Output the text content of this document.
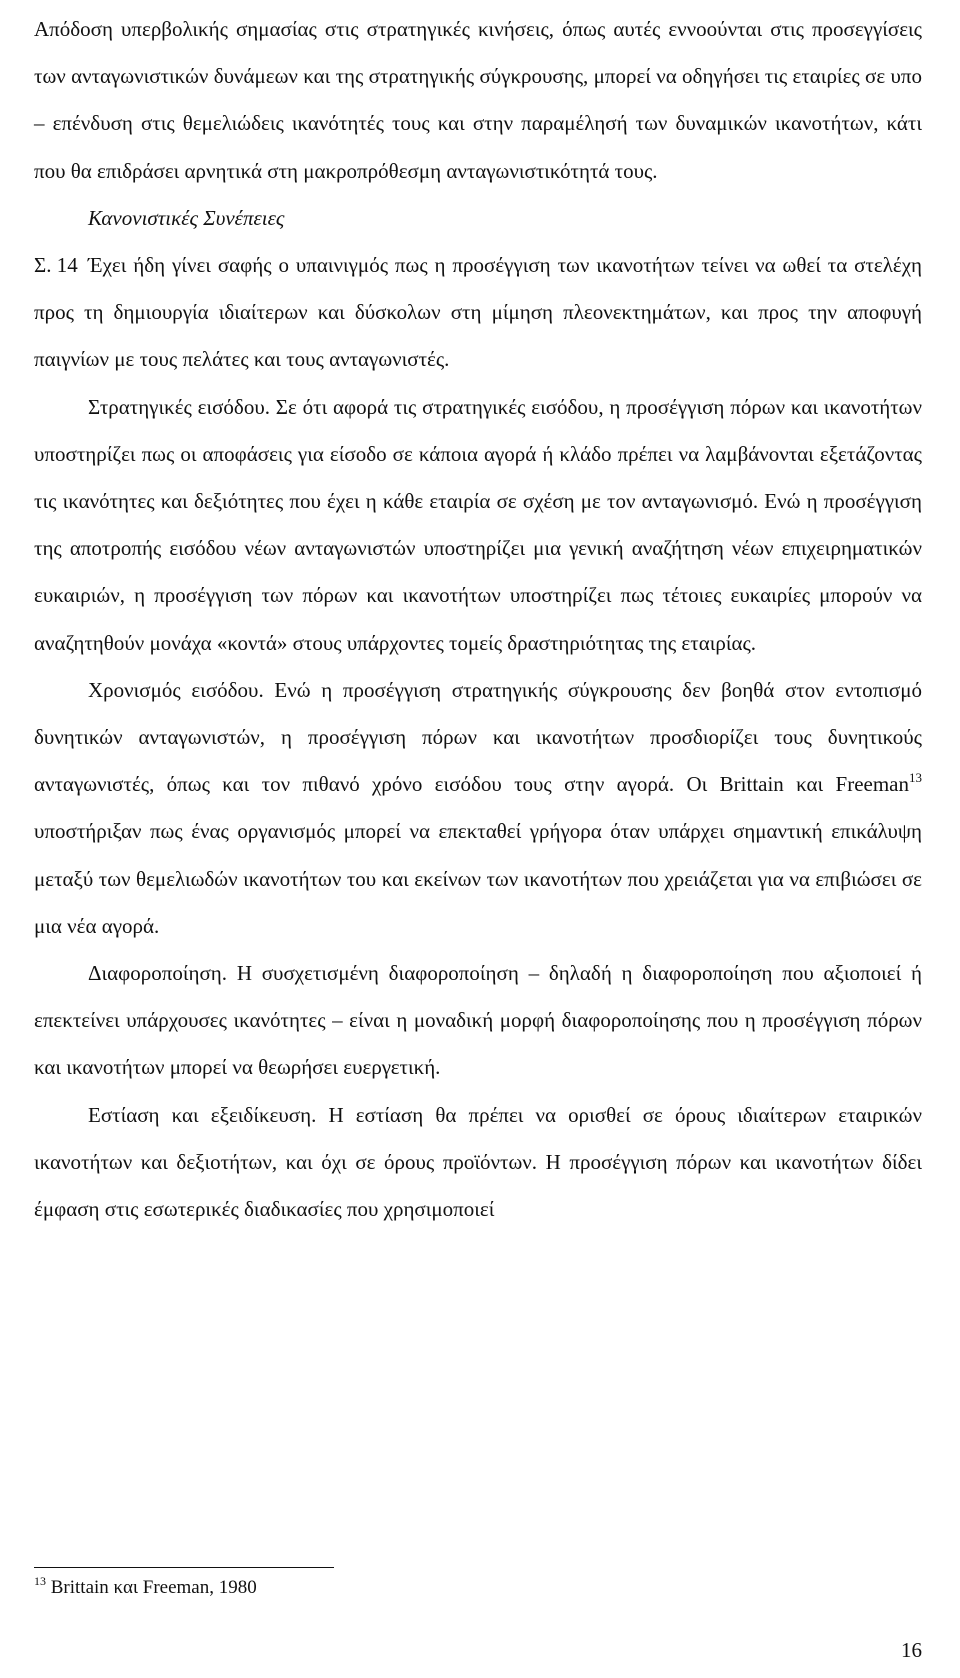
Απόδοση υπερβολικής σημασίας στις στρατηγικές κινήσεις, όπως αυτές εννοούνται στις προσεγγίσεις των ανταγωνιστικών δυνάμεων και της στρατηγικής σύγκρουσης, μπορεί να οδηγήσει τις εταιρίες σε υπο – επένδυση στις θεμελιώδεις ικανότητές τους και στην παραμέλησή των δυναμικών ικανοτήτων, κάτι που θα επιδράσει αρνητικά στη μακροπρόθεσμη ανταγωνιστικότητά τους.

Κανονιστικές Συνέπειες

Σ. 14 Έχει ήδη γίνει σαφής ο υπαινιγμός πως η προσέγγιση των ικανοτήτων τείνει να ωθεί τα στελέχη προς τη δημιουργία ιδιαίτερων και δύσκολων στη μίμηση πλεονεκτημάτων, και προς την αποφυγή παιγνίων με τους πελάτες και τους ανταγωνιστές.

Στρατηγικές εισόδου. Σε ότι αφορά τις στρατηγικές εισόδου, η προσέγγιση πόρων και ικανοτήτων υποστηρίζει πως οι αποφάσεις για είσοδο σε κάποια αγορά ή κλάδο πρέπει να λαμβάνονται εξετάζοντας τις ικανότητες και δεξιότητες που έχει η κάθε εταιρία σε σχέση με τον ανταγωνισμό. Ενώ η προσέγγιση της αποτροπής εισόδου νέων ανταγωνιστών υποστηρίζει μια γενική αναζήτηση νέων επιχειρηματικών ευκαιριών, η προσέγγιση των πόρων και ικανοτήτων υποστηρίζει πως τέτοιες ευκαιρίες μπορούν να αναζητηθούν μονάχα «κοντά» στους υπάρχοντες τομείς δραστηριότητας της εταιρίας.

Χρονισμός εισόδου. Ενώ η προσέγγιση στρατηγικής σύγκρουσης δεν βοηθά στον εντοπισμό δυνητικών ανταγωνιστών, η προσέγγιση πόρων και ικανοτήτων προσδιορίζει τους δυνητικούς ανταγωνιστές, όπως και τον πιθανό χρόνο εισόδου τους στην αγορά. Οι Brittain και Freeman$^{13}$ υποστήριξαν πως ένας οργανισμός μπορεί να επεκταθεί γρήγορα όταν υπάρχει σημαντική επικάλυψη μεταξύ των θεμελιωδών ικανοτήτων του και εκείνων των ικανοτήτων που χρειάζεται για να επιβιώσει σε μια νέα αγορά.

Διαφοροποίηση. Η συσχετισμένη διαφοροποίηση – δηλαδή η διαφοροποίηση που αξιοποιεί ή επεκτείνει υπάρχουσες ικανότητες – είναι η μοναδική μορφή διαφοροποίησης που η προσέγγιση πόρων και ικανοτήτων μπορεί να θεωρήσει ευεργετική.

Εστίαση και εξειδίκευση. Η εστίαση θα πρέπει να ορισθεί σε όρους ιδιαίτερων εταιρικών ικανοτήτων και δεξιοτήτων, και όχι σε όρους προϊόντων. Η προσέγγιση πόρων και ικανοτήτων δίδει έμφαση στις εσωτερικές διαδικασίες που χρησιμοποιεί

$^{13}$ Brittain και Freeman, 1980
16
